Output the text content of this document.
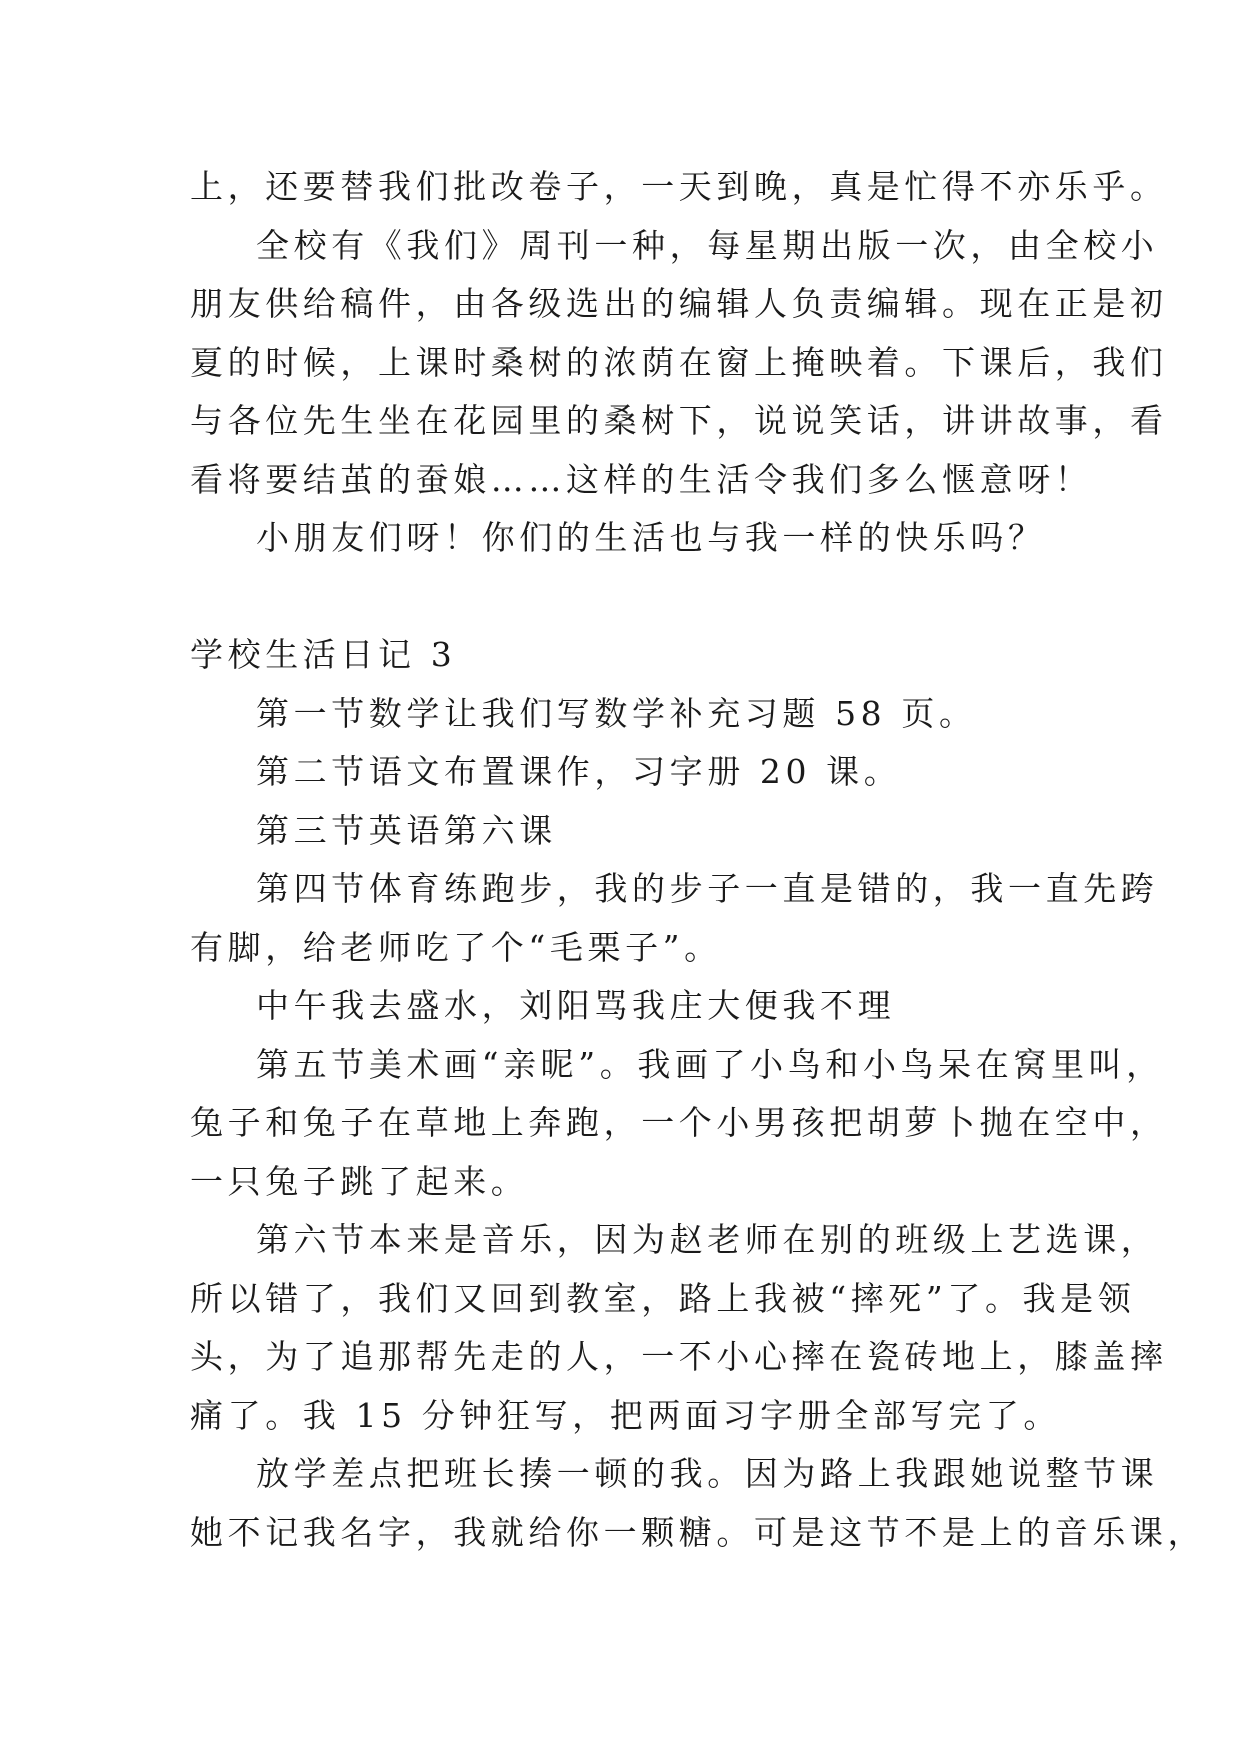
上，还要替我们批改卷子，一天到晚，真是忙得不亦乐乎。
全校有《我们》周刊一种，每星期出版一次，由全校小
朋友供给稿件，由各级选出的编辑人负责编辑。现在正是初
夏的时候，上课时桑树的浓荫在窗上掩映着。下课后，我们
与各位先生坐在花园里的桑树下，说说笑话，讲讲故事，看
看将要结茧的蚕娘……这样的生活令我们多么惬意呀！
小朋友们呀！你们的生活也与我一样的快乐吗？
学校生活日记 3
第一节数学让我们写数学补充习题 58 页。
第二节语文布置课作，习字册 20 课。
第三节英语第六课
第四节体育练跑步，我的步子一直是错的，我一直先跨
有脚，给老师吃了个“毛栗子”。
中午我去盛水，刘阳骂我庄大便我不理
第五节美术画“亲昵”。我画了小鸟和小鸟呆在窝里叫，
兔子和兔子在草地上奔跑，一个小男孩把胡萝卜抛在空中，
一只兔子跳了起来。
第六节本来是音乐，因为赵老师在别的班级上艺选课，
所以错了，我们又回到教室，路上我被“摔死”了。我是领
头，为了追那帮先走的人，一不小心摔在瓷砖地上，膝盖摔
痛了。我 15 分钟狂写，把两面习字册全部写完了。
放学差点把班长揍一顿的我。因为路上我跟她说整节课
她不记我名字，我就给你一颗糖。可是这节不是上的音乐课，
